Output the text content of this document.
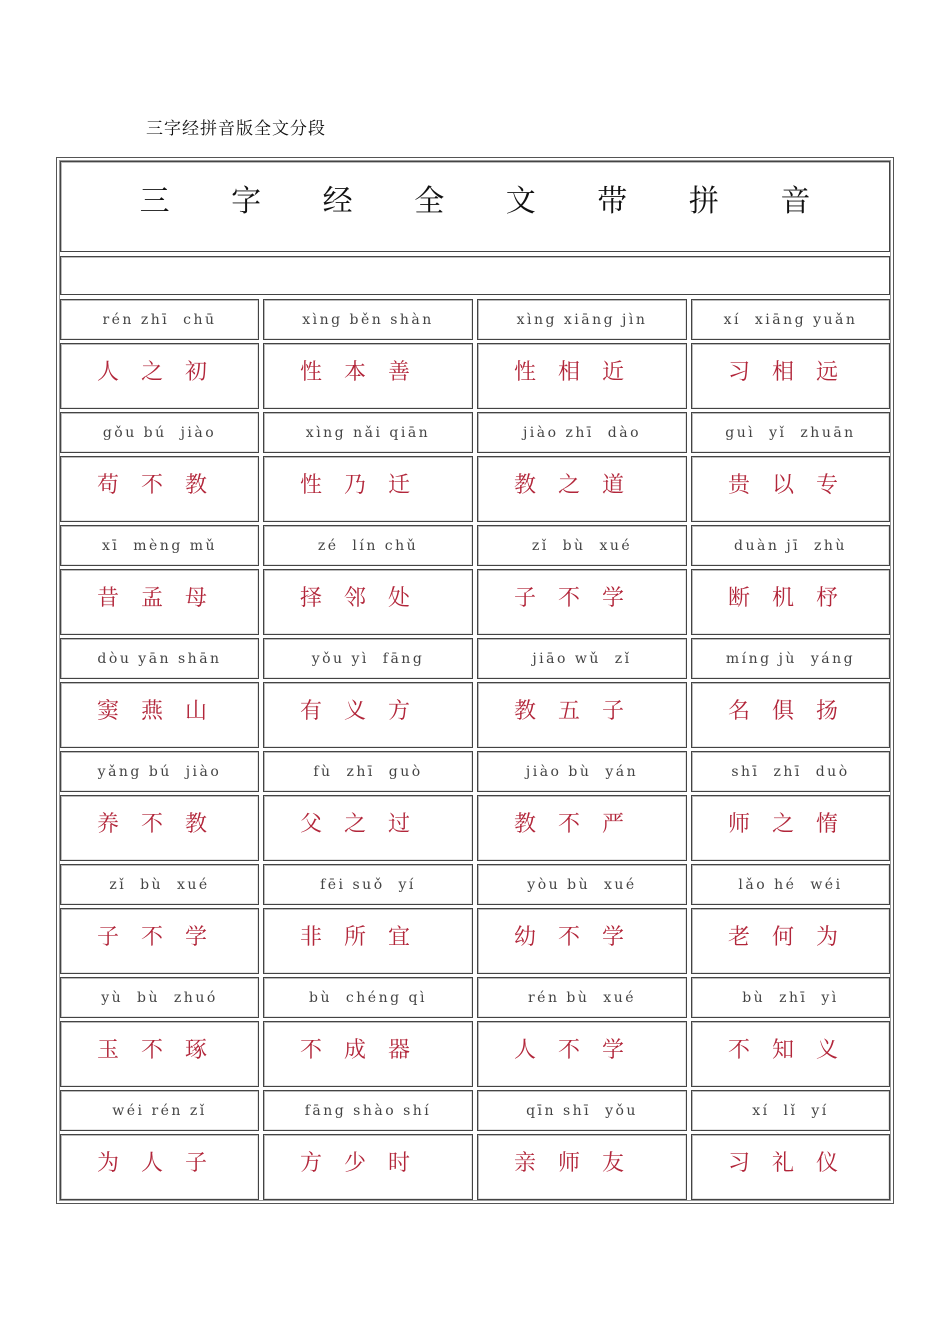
三字经拼音版全文分段
三 字 经 全 文 带 拼 音
rén zhī  chū
人之初
xìng běn shàn
性本善
xìng xiāng jìn
性相近
xí  xiāng yuǎn
习相远
gǒu bú  jiào
苟不教
xìng nǎi qiān
性乃迁
jiào zhī  dào
教之道
guì  yǐ  zhuān
贵以专
xī  mèng mǔ
昔孟母
zé  lín chǔ
择邻处
zǐ  bù  xué
子不学
duàn jī  zhù
断机杼
dòu yān shān
窦燕山
yǒu yì  fāng
有义方
jiāo wǔ  zǐ
教五子
míng jù  yáng
名俱扬
yǎng bú  jiào
养不教
fù  zhī  guò
父之过
jiào bù  yán
教不严
shī  zhī  duò
师之惰
zǐ  bù  xué
子不学
fēi suǒ  yí
非所宜
yòu bù  xué
幼不学
lǎo hé  wéi
老何为
yù  bù  zhuó
玉不琢
bù  chéng qì
不成器
rén bù  xué
人不学
bù  zhī  yì
不知义
wéi rén zǐ
为人子
fāng shào shí
方少时
qīn shī  yǒu
亲师友
xí  lǐ  yí
习礼仪
